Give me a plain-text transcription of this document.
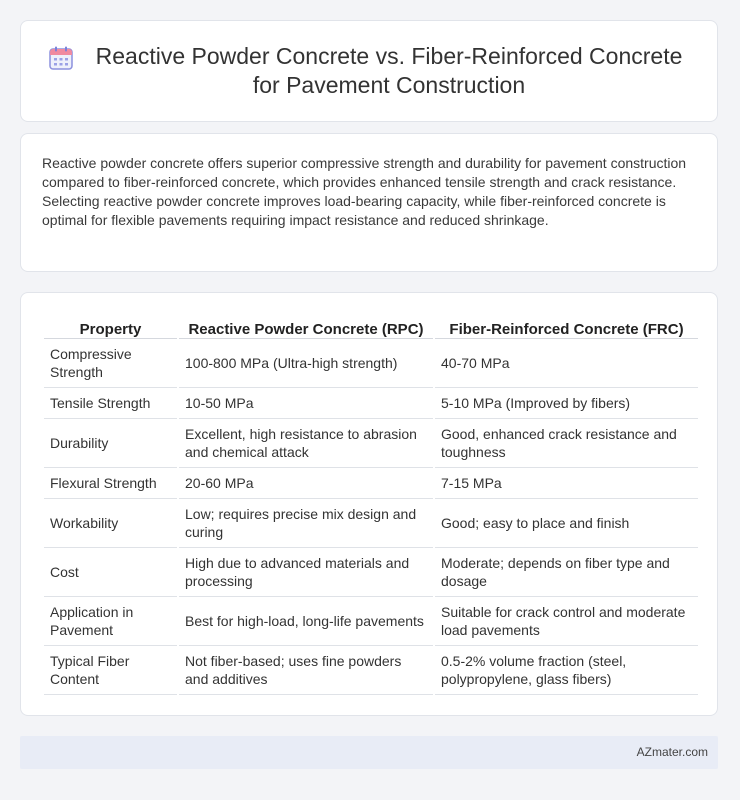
Reactive Powder Concrete vs. Fiber-Reinforced Concrete for Pavement Construction

Reactive powder concrete offers superior compressive strength and durability for pavement construction compared to fiber-reinforced concrete, which provides enhanced tensile strength and crack resistance. Selecting reactive powder concrete improves load-bearing capacity, while fiber-reinforced concrete is optimal for flexible pavements requiring impact resistance and reduced shrinkage.

Property	Reactive Powder Concrete (RPC)	Fiber-Reinforced Concrete (FRC)
Compressive Strength	100-800 MPa (Ultra-high strength)	40-70 MPa
Tensile Strength	10-50 MPa	5-10 MPa (Improved by fibers)
Durability	Excellent, high resistance to abrasion and chemical attack	Good, enhanced crack resistance and toughness
Flexural Strength	20-60 MPa	7-15 MPa
Workability	Low; requires precise mix design and curing	Good; easy to place and finish
Cost	High due to advanced materials and processing	Moderate; depends on fiber type and dosage
Application in Pavement	Best for high-load, long-life pavements	Suitable for crack control and moderate load pavements
Typical Fiber Content	Not fiber-based; uses fine powders and additives	0.5-2% volume fraction (steel, polypropylene, glass fibers)
AZmater.com
